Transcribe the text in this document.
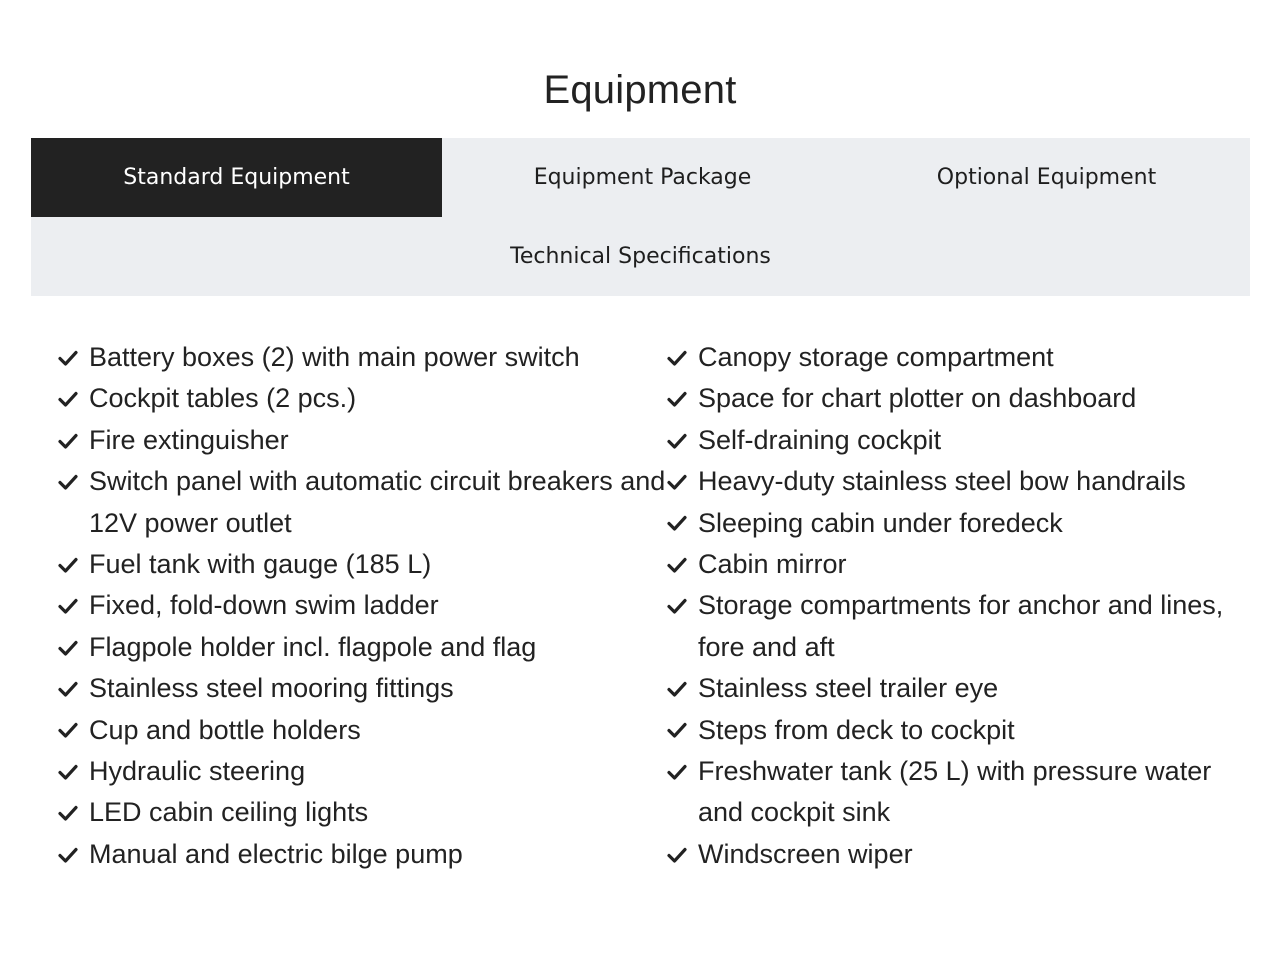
Equipment
Standard Equipment	Equipment Package	Optional Equipment
Technical Specifications
Battery boxes (2) with main power switch
Cockpit tables (2 pcs.)
Fire extinguisher
Switch panel with automatic circuit breakers and 12V power outlet
Fuel tank with gauge (185 L)
Fixed, fold-down swim ladder
Flagpole holder incl. flagpole and flag
Stainless steel mooring fittings
Cup and bottle holders
Hydraulic steering
LED cabin ceiling lights
Manual and electric bilge pump
Canopy storage compartment
Space for chart plotter on dashboard
Self-draining cockpit
Heavy-duty stainless steel bow handrails
Sleeping cabin under foredeck
Cabin mirror
Storage compartments for anchor and lines, fore and aft
Stainless steel trailer eye
Steps from deck to cockpit
Freshwater tank (25 L) with pressure water and cockpit sink
Windscreen wiper
